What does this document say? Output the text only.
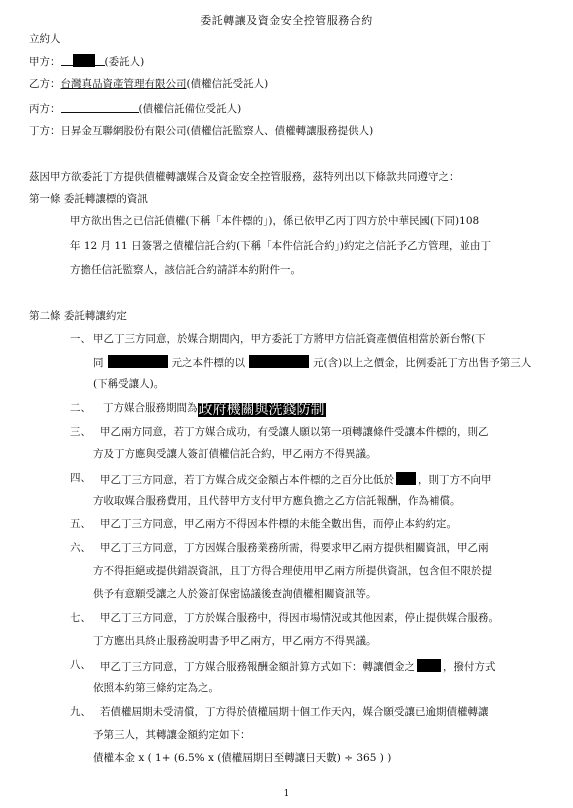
委託轉讓及資金安全控管服務合約
立約人
甲方：	(委託人)
乙方：台灣真品資產管理有限公司(債權信託受託人)
丙方：	(債權信託備位受託人)
丁方：日昇金互聯網股份有限公司(債權信託監察人、債權轉讓服務提供人)
茲因甲方欲委託丁方提供債權轉讓媒合及資金安全控管服務，茲特列出以下條款共同遵守之：
第一條 委託轉讓標的資訊
甲方欲出售之已信託債權(下稱「本件標的」)，係已依甲乙丙丁四方於中華民國(下同)108
年 12 月 11 日簽署之債權信託合約(下稱「本件信託合約」)約定之信託予乙方管理，並由丁
方擔任信託監察人，該信託合約請詳本約附件一。
第二條 委託轉讓約定
一、 甲乙丁三方同意，於媒合期間內，甲方委託丁方將甲方信託資產價值相當於新台幣(下
同	元之本件標的以	元(含)以上之價金，比例委託丁方出售予第三人
(下稱受讓人)。
二、 丁方媒合服務期間為政府機關與洗錢防制
三、 甲乙兩方同意，若丁方媒合成功，有受讓人願以第一項轉讓條件受讓本件標的，則乙
方及丁方應與受讓人簽訂債權信託合約，甲乙兩方不得異議。
四、 甲乙丁三方同意，若丁方媒合成交金額占本件標的之百分比低於 ，則丁方不向甲
方收取媒合服務費用，且代替甲方支付甲方應負擔之乙方信託報酬，作為補償。
五、 甲乙丁三方同意，甲乙兩方不得因本件標的未能全數出售，而停止本約約定。
六、 甲乙丁三方同意，丁方因媒合服務業務所需，得要求甲乙兩方提供相關資訊，甲乙兩
方不得拒絕或提供錯誤資訊，且丁方得合理使用甲乙兩方所提供資訊，包含但不限於提
供予有意願受讓之人於簽訂保密協議後查詢債權相關資訊等。
七、 甲乙丁三方同意，丁方於媒合服務中，得因市場情況或其他因素，停止提供媒合服務。
丁方應出具終止服務說明書予甲乙兩方，甲乙兩方不得異議。
八、 甲乙丁三方同意，丁方媒合服務報酬金額計算方式如下：轉讓價金之	，撥付方式
依照本約第三條約定為之。
九、 若債權屆期未受清償，丁方得於債權屆期十個工作天內，媒合願受讓已逾期債權轉讓
予第三人，其轉讓金額約定如下：
債權本金 x ( 1+ (6.5% x (債權屆期日至轉讓日天數) ÷ 365 ) )
1
